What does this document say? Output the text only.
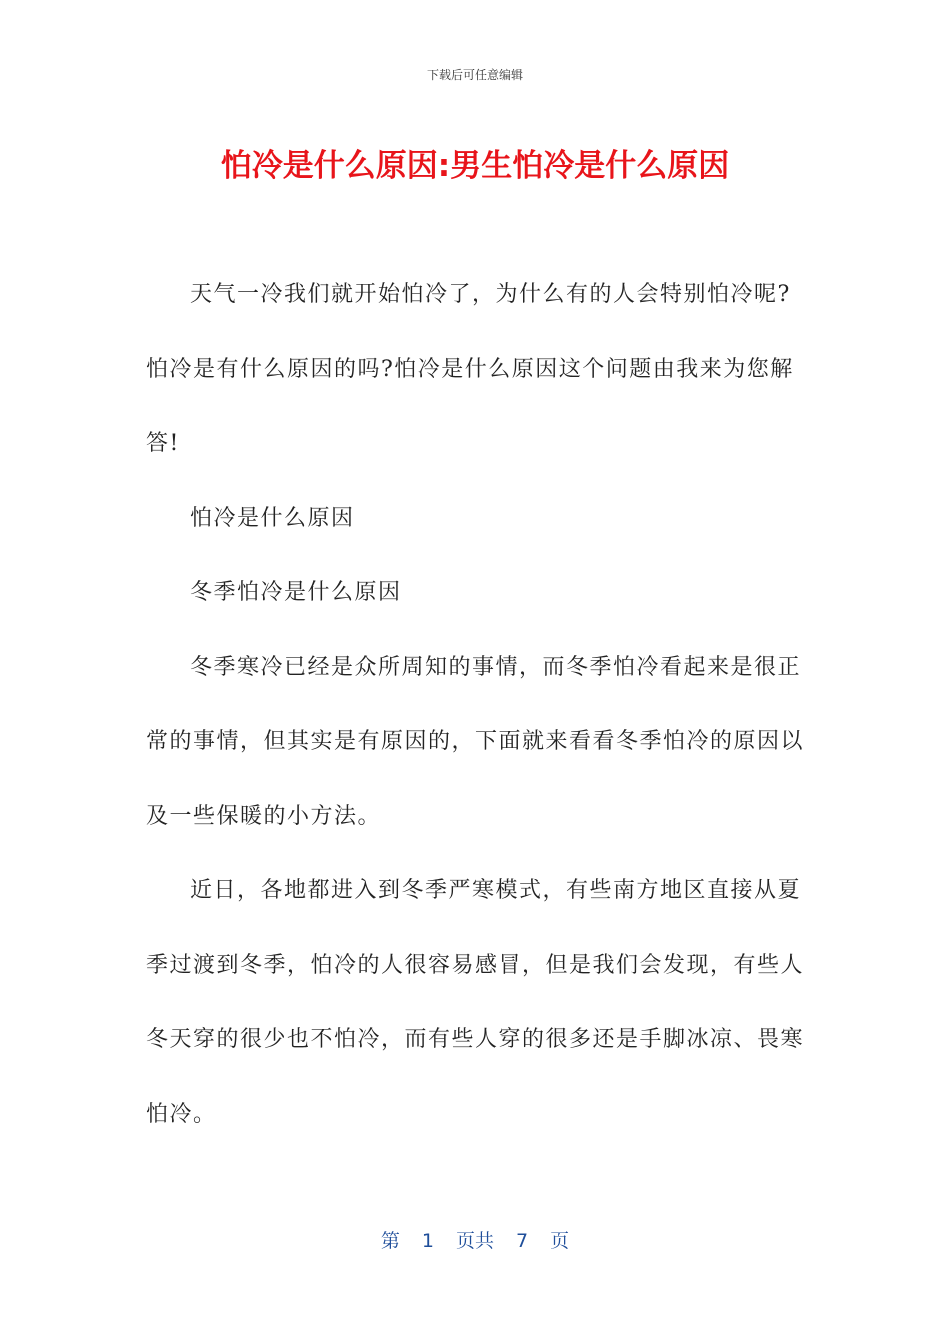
下载后可任意编辑
怕冷是什么原因:男生怕冷是什么原因

天气一冷我们就开始怕冷了，为什么有的人会特别怕冷呢?怕冷是有什么原因的吗?怕冷是什么原因这个问题由我来为您解答!

怕冷是什么原因

冬季怕冷是什么原因

冬季寒冷已经是众所周知的事情，而冬季怕冷看起来是很正常的事情，但其实是有原因的，下面就来看看冬季怕冷的原因以及一些保暖的小方法。

近日，各地都进入到冬季严寒模式，有些南方地区直接从夏季过渡到冬季，怕冷的人很容易感冒，但是我们会发现，有些人冬天穿的很少也不怕冷，而有些人穿的很多还是手脚冰凉、畏寒怕冷。

第 1 页共 7 页
